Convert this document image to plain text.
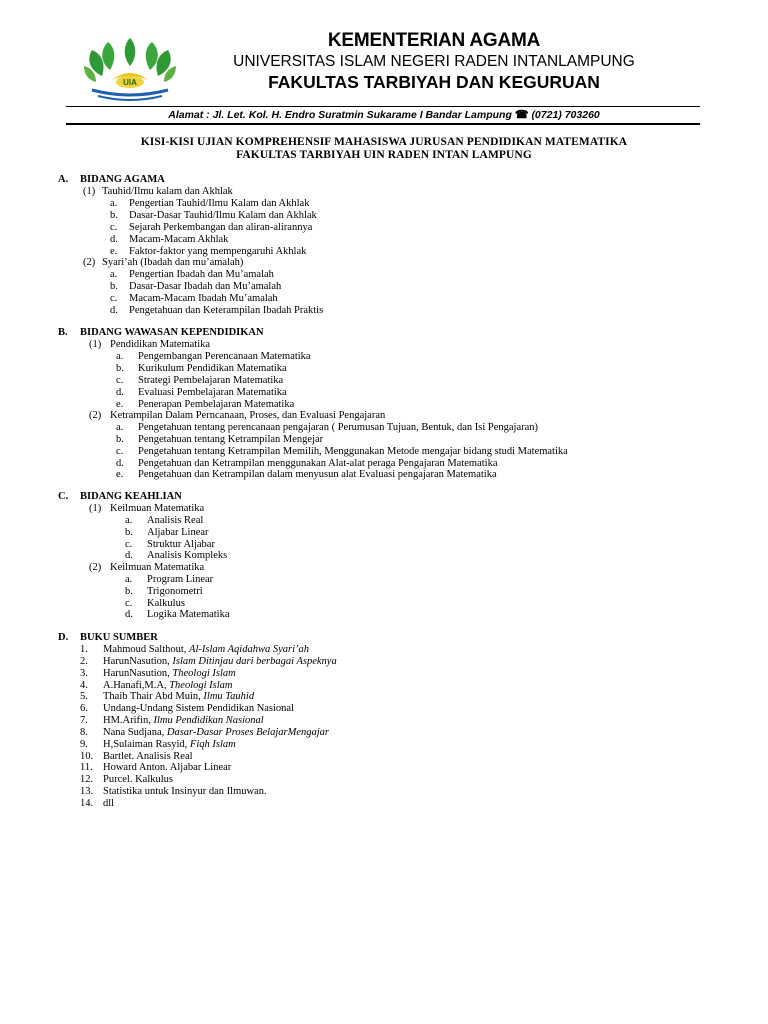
UIA
KEMENTERIAN AGAMA
UNIVERSITAS ISLAM NEGERI RADEN INTANLAMPUNG
FAKULTAS TARBIYAH DAN KEGURUAN
Alamat : Jl. Let. Kol. H. Endro Suratmin Sukarame I Bandar Lampung ☎ (0721) 703260
KISI-KISI UJIAN KOMPREHENSIF MAHASISWA JURUSAN PENDIDIKAN MATEMATIKA
FAKULTAS TARBIYAH UIN RADEN INTAN LAMPUNG
A. BIDANG AGAMA
(1) Tauhid/Ilmu kalam dan Akhlak
a. Pengertian Tauhid/Ilmu Kalam dan Akhlak
b. Dasar-Dasar Tauhid/Ilmu Kalam dan Akhlak
c. Sejarah Perkembangan dan aliran-alirannya
d. Macam-Macam Akhlak
e. Faktor-faktor yang mempengaruhi Akhlak
(2) Syari’ah (Ibadah dan mu’amalah)
a. Pengertian Ibadah dan Mu’amalah
b. Dasar-Dasar Ibadah dan Mu’amalah
c. Macam-Macam Ibadah Mu’amalah
d. Pengetahuan dan Keterampilan Ibadah Praktis
B. BIDANG WAWASAN KEPENDIDIKAN
(1) Pendidikan Matematika
a. Pengembangan Perencanaan Matematika
b. Kurikulum Pendidikan Matematika
c. Strategi Pembelajaran Matematika
d. Evaluasi Pembelajaran Matematika
e. Penerapan Pembelajaran Matematika
(2) Ketrampilan Dalam Perncanaan, Proses, dan Evaluasi Pengajaran
a. Pengetahuan tentang perencanaan pengajaran ( Perumusan Tujuan, Bentuk, dan Isi Pengajaran)
b. Pengetahuan tentang Ketrampilan Mengejar
c. Pengetahuan tentang Ketrampilan Memilih, Menggunakan Metode mengajar bidang studi Matematika
d. Pengetahuan dan Ketrampilan menggunakan Alat-alat peraga Pengajaran Matematika
e. Pengetahuan dan Ketrampilan dalam menyusun alat Evaluasi pengajaran Matematika
C. BIDANG KEAHLIAN
(1) Keilmuan Matematika
a. Analisis Real
b. Aljabar Linear
c. Struktur Aljabar
d. Analisis Kompleks
(2) Keilmuan Matematika
a. Program Linear
b. Trigonometri
c. Kalkulus
d. Logika Matematika
D. BUKU SUMBER
1. Mahmoud Salthout, Al-Islam Aqidahwa Syari’ah
2. HarunNasution, Islam Ditinjau dari berbagai Aspeknya
3. HarunNasution, Theologi Islam
4. A.Hanafi,M.A, Theologi Islam
5. Thaib Thair Abd Muin, Ilmu Tauhid
6. Undang-Undang Sistem Pendidikan Nasional
7. HM.Arifin, Ilmu Pendidikan Nasional
8. Nana Sudjana, Dasar-Dasar Proses BelajarMengajar
9. H,Sulaiman Rasyid, Fiqh Islam
10. Bartlet. Analisis Real
11. Howard Anton. Aljabar Linear
12. Purcel. Kalkulus
13. Statistika untuk Insinyur dan Ilmuwan.
14. dll
